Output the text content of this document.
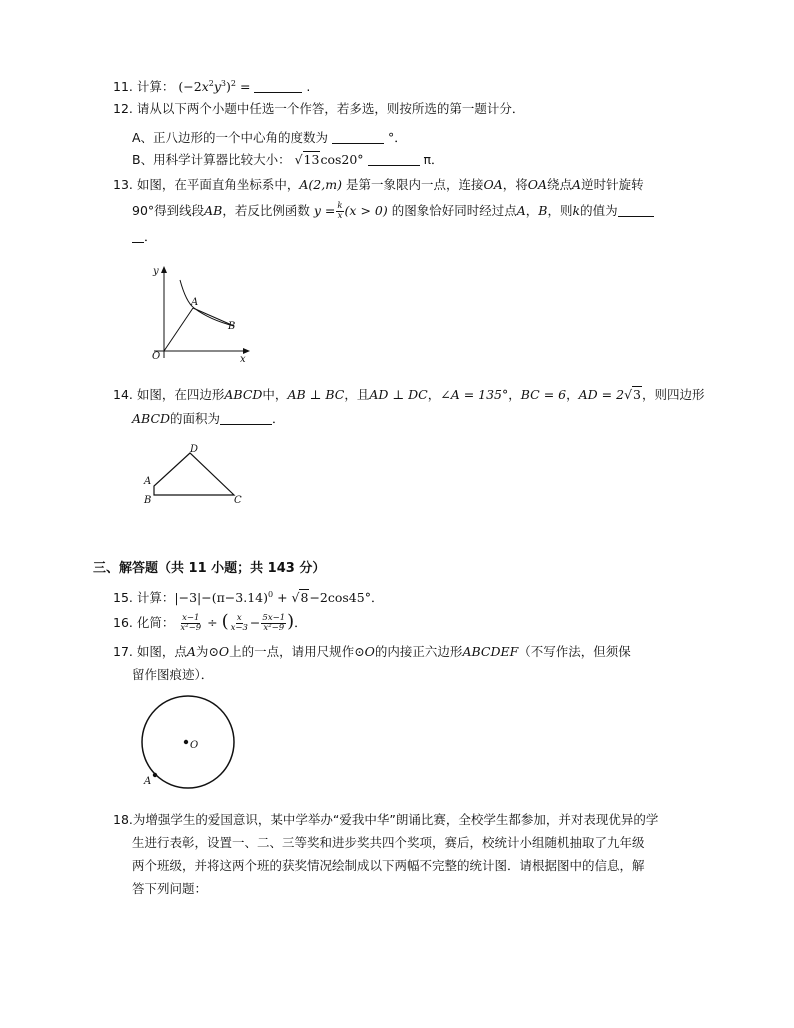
11. 计算： $(-2x^2y^3)^2$ =	.
12. 请从以下两个小题中任选一个作答，若多选，则按所选的第一题计分．
A、正八边形的一个中心角的度数为	°．
B、用科学计算器比较大小： √13cos20°	π．
13. 如图，在平面直角坐标系中，A(2,m) 是第一象限内一点，连接OA，将OA绕点A逆时针旋转
90°得到线段AB，若反比例函数 $y = \frac{k}{x} (x > 0)$ 的图象恰好同时经过点A，B，则k的值为
．
y
x
O
A
B
14. 如图，在四边形ABCD中，AB ⊥ BC，且AD ⊥ DC，∠A = 135°，BC = 6，AD = 2√3，则四边形
ABCD的面积为	．
A
B	C
D
三、解答题（共 11 小题；共 143 分）
15. 计算：$|-3|-(\pi-3.14)^0 + √8-2\cos 45^\circ$．
16. 化简： $\frac{x-1}{\text{x²−9}}$ ÷ ( $\frac{x}{x-3} - \frac{5x-1}{\text{x²−9}}$ )．
17. 如图，点A为⊙O上的一点，请用尺规作⊙O的内接正六边形ABCDEF（不写作法，但须保
留作图痕迹）．
O
A
18.为增强学生的爱国意识，某中学举办“爱我中华”朗诵比赛，全校学生都参加，并对表现优异的学
生进行表彰，设置一、二、三等奖和进步奖共四个奖项，赛后，校统计小组随机抽取了九年级
两个班级，并将这两个班的获奖情况绘制成以下两幅不完整的统计图．请根据图中的信息，解
答下列问题：
